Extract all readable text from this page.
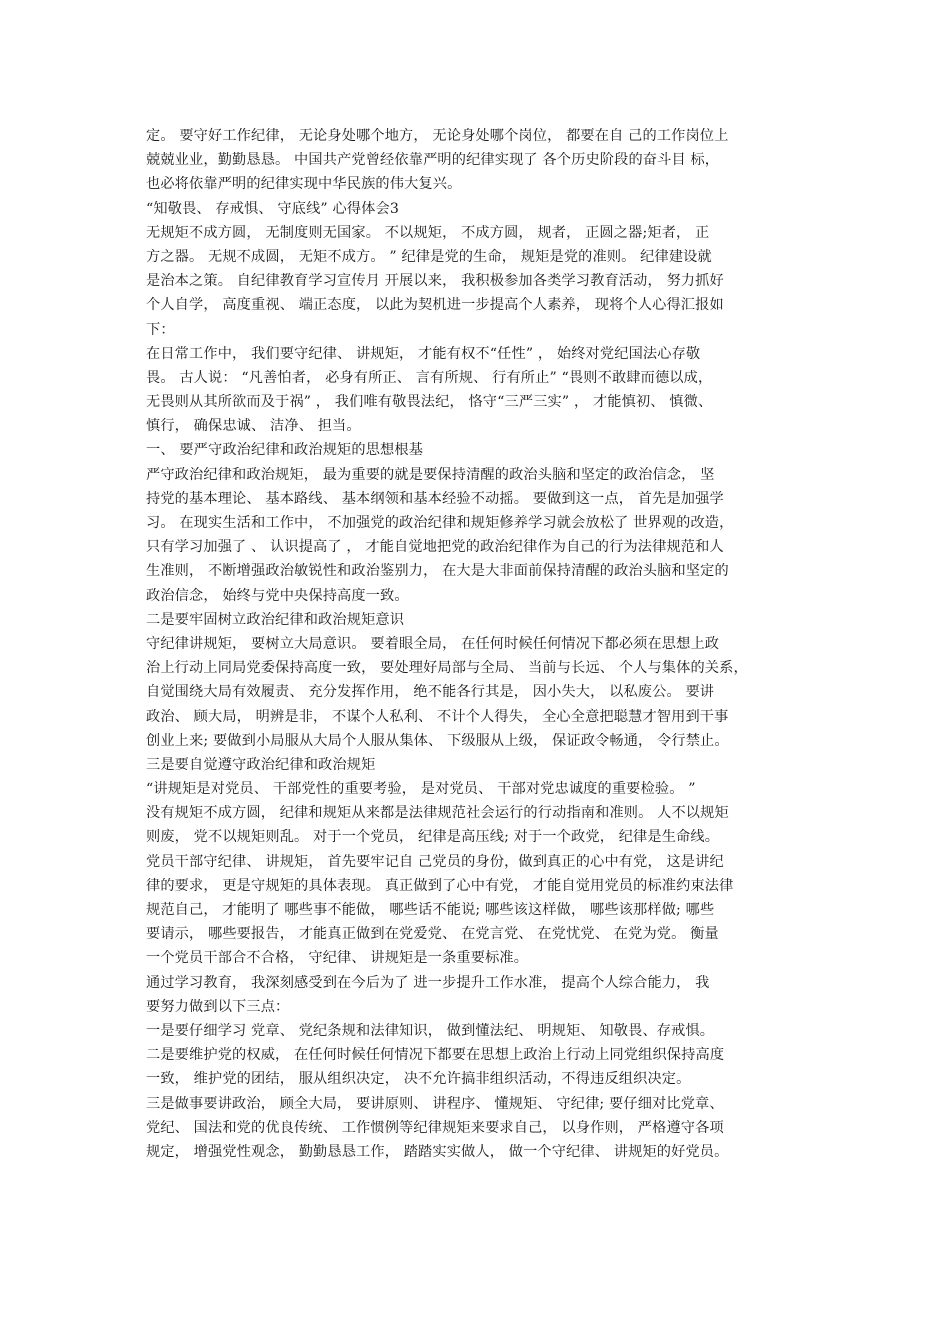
定。 要守好工作纪律， 无论身处哪个地方， 无论身处哪个岗位， 都要在自 己的工作岗位上
兢兢业业，勤勤恳恳。 中国共产党曾经依靠严明的纪律实现了 各个历史阶段的奋斗目 标，
也必将依靠严明的纪律实现中华民族的伟大复兴。
“知敬畏、 存戒惧、 守底线” 心得体会3
无规矩不成方圆， 无制度则无国家。 不以规矩， 不成方圆， 规者， 正圆之器;矩者， 正
方之器。 无规不成圆， 无矩不成方。 ” 纪律是党的生命， 规矩是党的准则。 纪律建设就
是治本之策。 自纪律教育学习宣传月 开展以来， 我积极参加各类学习教育活动， 努力抓好
个人自学， 高度重视、 端正态度， 以此为契机进一步提高个人素养， 现将个人心得汇报如
下：
在日常工作中， 我们要守纪律、 讲规矩， 才能有权不“任性” ， 始终对党纪国法心存敬
畏。 古人说： “凡善怕者， 必身有所正、 言有所规、 行有所止” “畏则不敢肆而德以成，
无畏则从其所欲而及于祸” ， 我们唯有敬畏法纪， 恪守“三严三实” ， 才能慎初、 慎微、
慎行， 确保忠诚、 洁净、 担当。
一、 要严守政治纪律和政治规矩的思想根基
严守政治纪律和政治规矩， 最为重要的就是要保持清醒的政治头脑和坚定的政治信念， 坚
持党的基本理论、 基本路线、 基本纲领和基本经验不动摇。 要做到这一点， 首先是加强学
习。 在现实生活和工作中， 不加强党的政治纪律和规矩修养学习就会放松了 世界观的改造，
只有学习加强了 、 认识提高了 ， 才能自觉地把党的政治纪律作为自己的行为法律规范和人
生准则， 不断增强政治敏锐性和政治鉴别力， 在大是大非面前保持清醒的政治头脑和坚定的
政治信念， 始终与党中央保持高度一致。
二是要牢固树立政治纪律和政治规矩意识
守纪律讲规矩， 要树立大局意识。 要着眼全局， 在任何时候任何情况下都必须在思想上政
治上行动上同局党委保持高度一致， 要处理好局部与全局、 当前与长远、 个人与集体的关系，
自觉围绕大局有效履责、 充分发挥作用， 绝不能各行其是， 因小失大， 以私废公。 要讲
政治、 顾大局， 明辨是非， 不谋个人私利、 不计个人得失， 全心全意把聪慧才智用到干事
创业上来; 要做到小局服从大局个人服从集体、 下级服从上级， 保证政令畅通， 令行禁止。
三是要自觉遵守政治纪律和政治规矩
“讲规矩是对党员、 干部党性的重要考验， 是对党员、 干部对党忠诚度的重要检验。 ”
没有规矩不成方圆， 纪律和规矩从来都是法律规范社会运行的行动指南和准则。 人不以规矩
则废， 党不以规矩则乱。 对于一个党员， 纪律是高压线; 对于一个政党， 纪律是生命线。
党员干部守纪律、 讲规矩， 首先要牢记自 己党员的身份，做到真正的心中有党， 这是讲纪
律的要求， 更是守规矩的具体表现。 真正做到了心中有党， 才能自觉用党员的标准约束法律
规范自己， 才能明了 哪些事不能做， 哪些话不能说; 哪些该这样做， 哪些该那样做; 哪些
要请示， 哪些要报告， 才能真正做到在党爱党、 在党言党、 在党忧党、 在党为党。 衡量
一个党员干部合不合格， 守纪律、 讲规矩是一条重要标准。
通过学习教育， 我深刻感受到在今后为了 进一步提升工作水准， 提高个人综合能力， 我
要努力做到以下三点：
一是要仔细学习 党章、 党纪条规和法律知识， 做到懂法纪、 明规矩、 知敬畏、存戒惧。
二是要维护党的权威， 在任何时候任何情况下都要在思想上政治上行动上同党组织保持高度
一致， 维护党的团结， 服从组织决定， 决不允许搞非组织活动，不得违反组织决定。
三是做事要讲政治， 顾全大局， 要讲原则、 讲程序、 懂规矩、 守纪律; 要仔细对比党章、
党纪、 国法和党的优良传统、 工作惯例等纪律规矩来要求自己， 以身作则， 严格遵守各项
规定， 增强党性观念， 勤勤恳恳工作， 踏踏实实做人， 做一个守纪律、 讲规矩的好党员。
